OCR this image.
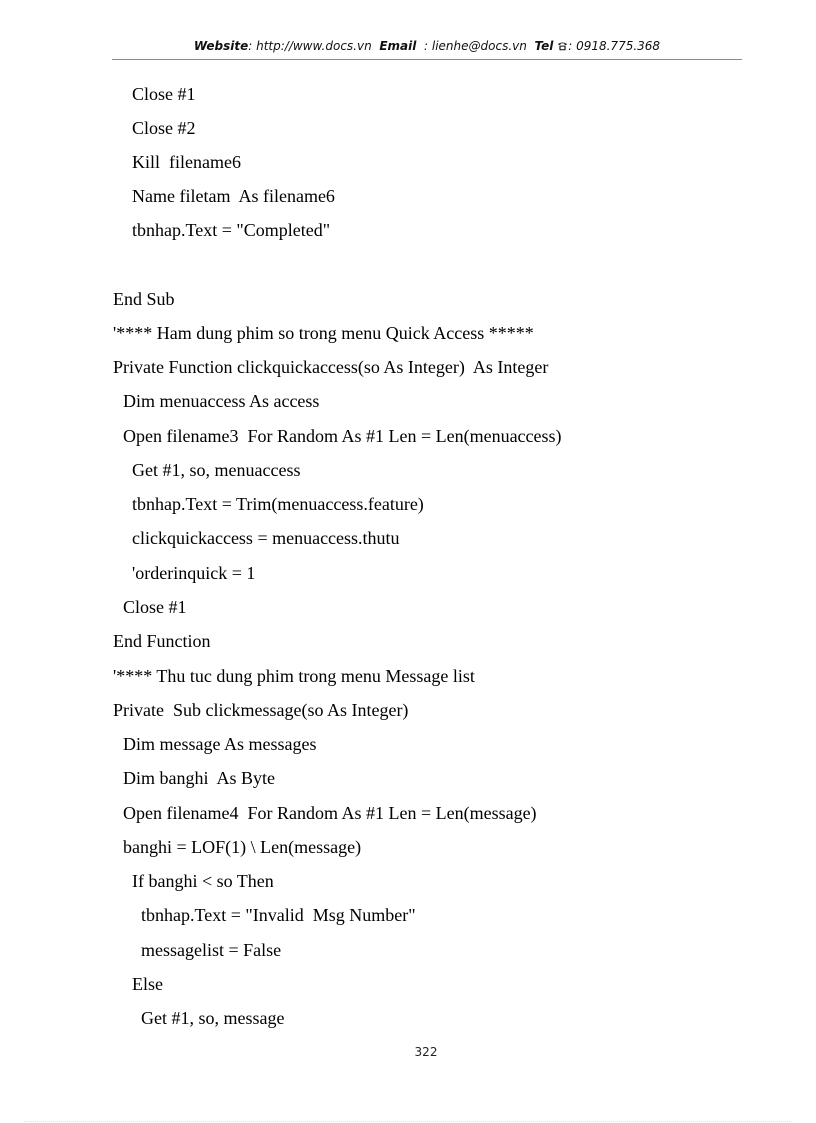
Website: http://www.docs.vn Email : lienhe@docs.vn Tel : 0918.775.368
Close #1
Close #2
Kill  filename6
Name filetam  As filename6
tbnhap.Text = "Completed"
End Sub
'**** Ham dung phim so trong menu Quick Access *****
Private Function clickquickaccess(so As Integer)  As Integer
Dim menuaccess As access
Open filename3  For Random As #1 Len = Len(menuaccess)
Get #1, so, menuaccess
tbnhap.Text = Trim(menuaccess.feature)
clickquickaccess = menuaccess.thutu
'orderinquick = 1
Close #1
End Function
'**** Thu tuc dung phim trong menu Message list
Private  Sub clickmessage(so As Integer)
Dim message As messages
Dim banghi  As Byte
Open filename4  For Random As #1 Len = Len(message)
banghi = LOF(1) \ Len(message)
If banghi < so Then
tbnhap.Text = "Invalid  Msg Number"
messagelist = False
Else
Get #1, so, message
322
